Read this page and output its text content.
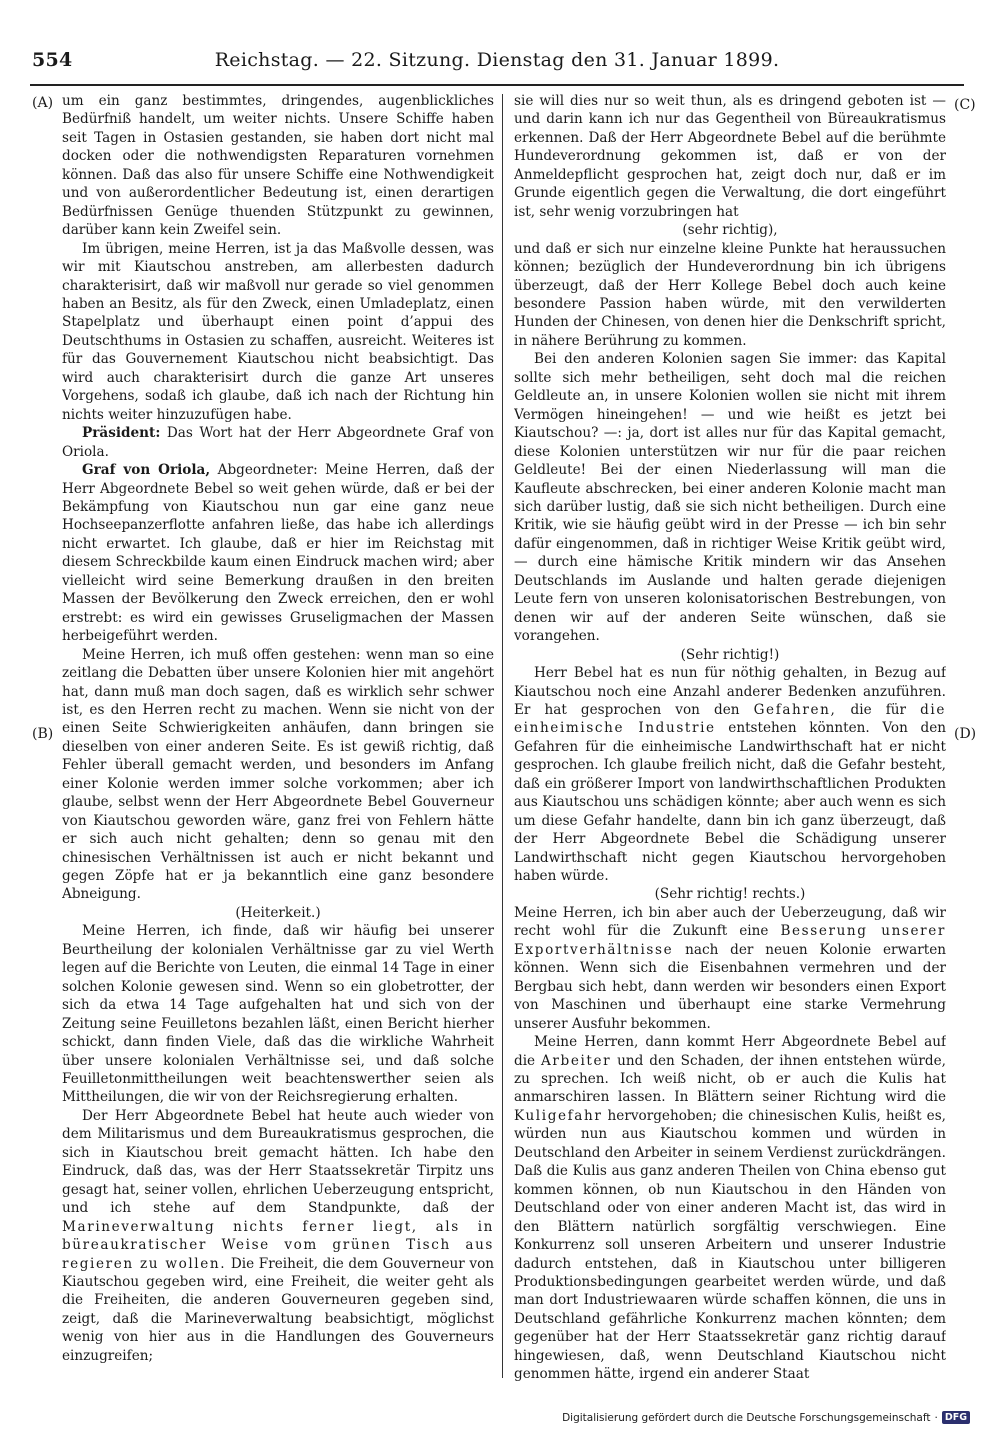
554	Reichstag. — 22. Sitzung. Dienstag den 31. Januar 1899.
(A)
(B)
(C)
(D)

um ein ganz bestimmtes, dringendes, augenblickliches Bedürfniß handelt, um weiter nichts. Unsere Schiffe haben seit Tagen in Ostasien gestanden, sie haben dort nicht mal docken oder die nothwendigsten Reparaturen vornehmen können. Daß das also für unsere Schiffe eine Nothwendigkeit und von außerordentlicher Bedeutung ist, einen derartigen Bedürfnissen Genüge thuenden Stützpunkt zu gewinnen, darüber kann kein Zweifel sein.

Im übrigen, meine Herren, ist ja das Maßvolle dessen, was wir mit Kiautschou anstreben, am allerbesten dadurch charakterisirt, daß wir maßvoll nur gerade so viel genommen haben an Besitz, als für den Zweck, einen Umladeplatz, einen Stapelplatz und überhaupt einen point d’appui des Deutschthums in Ostasien zu schaffen, ausreicht. Weiteres ist für das Gouvernement Kiautschou nicht beabsichtigt. Das wird auch charakterisirt durch die ganze Art unseres Vorgehens, sodaß ich glaube, daß ich nach der Richtung hin nichts weiter hinzuzufügen habe.

Präsident: Das Wort hat der Herr Abgeordnete Graf von Oriola.

Graf von Oriola, Abgeordneter: Meine Herren, daß der Herr Abgeordnete Bebel so weit gehen würde, daß er bei der Bekämpfung von Kiautschou nun gar eine ganz neue Hochseepanzerflotte anfahren ließe, das habe ich allerdings nicht erwartet. Ich glaube, daß er hier im Reichstag mit diesem Schreckbilde kaum einen Eindruck machen wird; aber vielleicht wird seine Bemerkung draußen in den breiten Massen der Bevölkerung den Zweck erreichen, den er wohl erstrebt: es wird ein gewisses Gruseligmachen der Massen herbeigeführt werden.

Meine Herren, ich muß offen gestehen: wenn man so eine zeitlang die Debatten über unsere Kolonien hier mit angehört hat, dann muß man doch sagen, daß es wirklich sehr schwer ist, es den Herren recht zu machen. Wenn sie nicht von der einen Seite Schwierigkeiten anhäufen, dann bringen sie dieselben von einer anderen Seite. Es ist gewiß richtig, daß Fehler überall gemacht werden, und besonders im Anfang einer Kolonie werden immer solche vorkommen; aber ich glaube, selbst wenn der Herr Abgeordnete Bebel Gouverneur von Kiautschou geworden wäre, ganz frei von Fehlern hätte er sich auch nicht gehalten; denn so genau mit den chinesischen Verhältnissen ist auch er nicht bekannt und gegen Zöpfe hat er ja bekanntlich eine ganz besondere Abneigung.

(Heiterkeit.)

Meine Herren, ich finde, daß wir häufig bei unserer Beurtheilung der kolonialen Verhältnisse gar zu viel Werth legen auf die Berichte von Leuten, die einmal 14 Tage in einer solchen Kolonie gewesen sind. Wenn so ein globetrotter, der sich da etwa 14 Tage aufgehalten hat und sich von der Zeitung seine Feuilletons bezahlen läßt, einen Bericht hierher schickt, dann finden Viele, daß das die wirkliche Wahrheit über unsere kolonialen Verhältnisse sei, und daß solche Feuilletonmittheilungen weit beachtenswerther seien als Mittheilungen, die wir von der Reichsregierung erhalten.

Der Herr Abgeordnete Bebel hat heute auch wieder von dem Militarismus und dem Bureaukratismus gesprochen, die sich in Kiautschou breit gemacht hätten. Ich habe den Eindruck, daß das, was der Herr Staatssekretär Tirpitz uns gesagt hat, seiner vollen, ehrlichen Ueberzeugung entspricht, und ich stehe auf dem Standpunkte, daß der Marineverwaltung nichts ferner liegt, als in büreaukratischer Weise vom grünen Tisch aus regieren zu wollen. Die Freiheit, die dem Gouverneur von Kiautschou gegeben wird, eine Freiheit, die weiter geht als die Freiheiten, die anderen Gouverneuren gegeben sind, zeigt, daß die Marineverwaltung beabsichtigt, möglichst wenig von hier aus in die Handlungen des Gouverneurs einzugreifen;

sie will dies nur so weit thun, als es dringend geboten ist — und darin kann ich nur das Gegentheil von Büreaukratismus erkennen. Daß der Herr Abgeordnete Bebel auf die berühmte Hundeverordnung gekommen ist, daß er von der Anmeldepflicht gesprochen hat, zeigt doch nur, daß er im Grunde eigentlich gegen die Verwaltung, die dort eingeführt ist, sehr wenig vorzubringen hat

(sehr richtig),

und daß er sich nur einzelne kleine Punkte hat heraussuchen können; bezüglich der Hundeverordnung bin ich übrigens überzeugt, daß der Herr Kollege Bebel doch auch keine besondere Passion haben würde, mit den verwilderten Hunden der Chinesen, von denen hier die Denkschrift spricht, in nähere Berührung zu kommen.

Bei den anderen Kolonien sagen Sie immer: das Kapital sollte sich mehr betheiligen, seht doch mal die reichen Geldleute an, in unsere Kolonien wollen sie nicht mit ihrem Vermögen hineingehen! — und wie heißt es jetzt bei Kiautschou? —: ja, dort ist alles nur für das Kapital gemacht, diese Kolonien unterstützen wir nur für die paar reichen Geldleute! Bei der einen Niederlassung will man die Kaufleute abschrecken, bei einer anderen Kolonie macht man sich darüber lustig, daß sie sich nicht betheiligen. Durch eine Kritik, wie sie häufig geübt wird in der Presse — ich bin sehr dafür eingenommen, daß in richtiger Weise Kritik geübt wird, — durch eine hämische Kritik mindern wir das Ansehen Deutschlands im Auslande und halten gerade diejenigen Leute fern von unseren kolonisatorischen Bestrebungen, von denen wir auf der anderen Seite wünschen, daß sie vorangehen.

(Sehr richtig!)

Herr Bebel hat es nun für nöthig gehalten, in Bezug auf Kiautschou noch eine Anzahl anderer Bedenken anzuführen. Er hat gesprochen von den Gefahren, die für die einheimische Industrie entstehen könnten. Von den Gefahren für die einheimische Landwirthschaft hat er nicht gesprochen. Ich glaube freilich nicht, daß die Gefahr besteht, daß ein größerer Import von landwirthschaftlichen Produkten aus Kiautschou uns schädigen könnte; aber auch wenn es sich um diese Gefahr handelte, dann bin ich ganz überzeugt, daß der Herr Abgeordnete Bebel die Schädigung unserer Landwirthschaft nicht gegen Kiautschou hervorgehoben haben würde.

(Sehr richtig! rechts.)

Meine Herren, ich bin aber auch der Ueberzeugung, daß wir recht wohl für die Zukunft eine Besserung unserer Exportverhältnisse nach der neuen Kolonie erwarten können. Wenn sich die Eisenbahnen vermehren und der Bergbau sich hebt, dann werden wir besonders einen Export von Maschinen und überhaupt eine starke Vermehrung unserer Ausfuhr bekommen.

Meine Herren, dann kommt Herr Abgeordnete Bebel auf die Arbeiter und den Schaden, der ihnen entstehen würde, zu sprechen. Ich weiß nicht, ob er auch die Kulis hat anmarschiren lassen. In Blättern seiner Richtung wird die Kuligefahr hervorgehoben; die chinesischen Kulis, heißt es, würden nun aus Kiautschou kommen und würden in Deutschland den Arbeiter in seinem Verdienst zurückdrängen. Daß die Kulis aus ganz anderen Theilen von China ebenso gut kommen können, ob nun Kiautschou in den Händen von Deutschland oder von einer anderen Macht ist, das wird in den Blättern natürlich sorgfältig verschwiegen. Eine Konkurrenz soll unseren Arbeitern und unserer Industrie dadurch entstehen, daß in Kiautschou unter billigeren Produktionsbedingungen gearbeitet werden würde, und daß man dort Industriewaaren würde schaffen können, die uns in Deutschland gefährliche Konkurrenz machen könnten; dem gegenüber hat der Herr Staatssekretär ganz richtig darauf hingewiesen, daß, wenn Deutschland Kiautschou nicht genommen hätte, irgend ein anderer Staat

Digitalisierung gefördert durch die Deutsche Forschungsgemeinschaft · DFG
